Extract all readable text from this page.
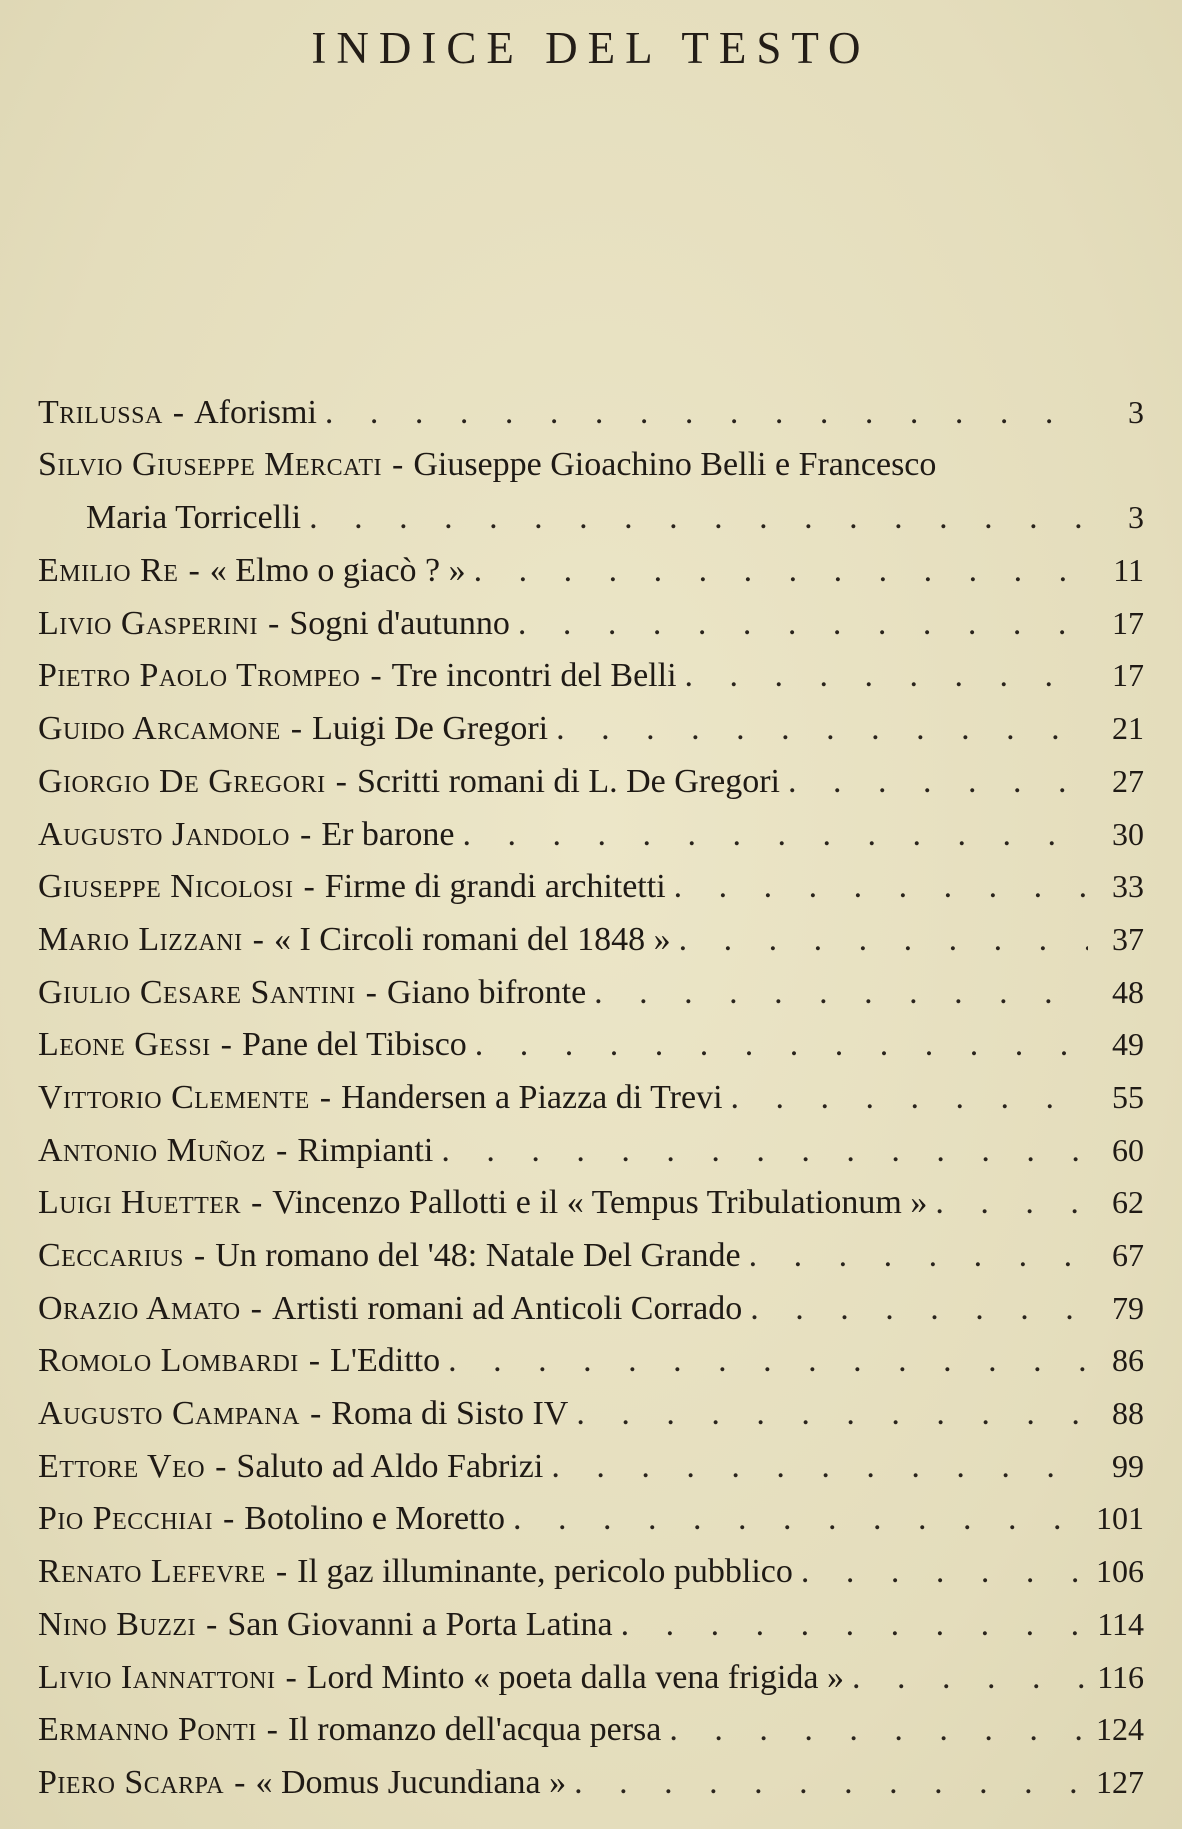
INDICE DEL TESTO
Trilussa - Aforismi . . .	3
Silvio Giuseppe Mercati - Giuseppe Gioachino Belli e Francesco
Maria Torricelli . . .	3
Emilio Re - « Elmo o giacò ? » . . .	11
Livio Gasperini - Sogni d'autunno . . .	17
Pietro Paolo Trompeo - Tre incontri del Belli . . .	17
Guido Arcamone - Luigi De Gregori . . .	21
Giorgio De Gregori - Scritti romani di L. De Gregori . . .	27
Augusto Jandolo - Er barone . . .	30
Giuseppe Nicolosi - Firme di grandi architetti . . .	33
Mario Lizzani - « I Circoli romani del 1848 » . . .	37
Giulio Cesare Santini - Giano bifronte . . .	48
Leone Gessi - Pane del Tibisco . . .	49
Vittorio Clemente - Handersen a Piazza di Trevi . . .	55
Antonio Muñoz - Rimpianti . . .	60
Luigi Huetter - Vincenzo Pallotti e il « Tempus Tribulationum » . . .	62
Ceccarius - Un romano del '48: Natale Del Grande . . .	67
Orazio Amato - Artisti romani ad Anticoli Corrado . . .	79
Romolo Lombardi - L'Editto . . .	86
Augusto Campana - Roma di Sisto IV . . .	88
Ettore Veo - Saluto ad Aldo Fabrizi . . .	99
Pio Pecchiai - Botolino e Moretto . . .	101
Renato Lefevre - Il gaz illuminante, pericolo pubblico . . .	106
Nino Buzzi - San Giovanni a Porta Latina . . .	114
Livio Iannattoni - Lord Minto « poeta dalla vena frigida » . . .	116
Ermanno Ponti - Il romanzo dell'acqua persa . . .	124
Piero Scarpa - « Domus Jucundiana » . . .	127
